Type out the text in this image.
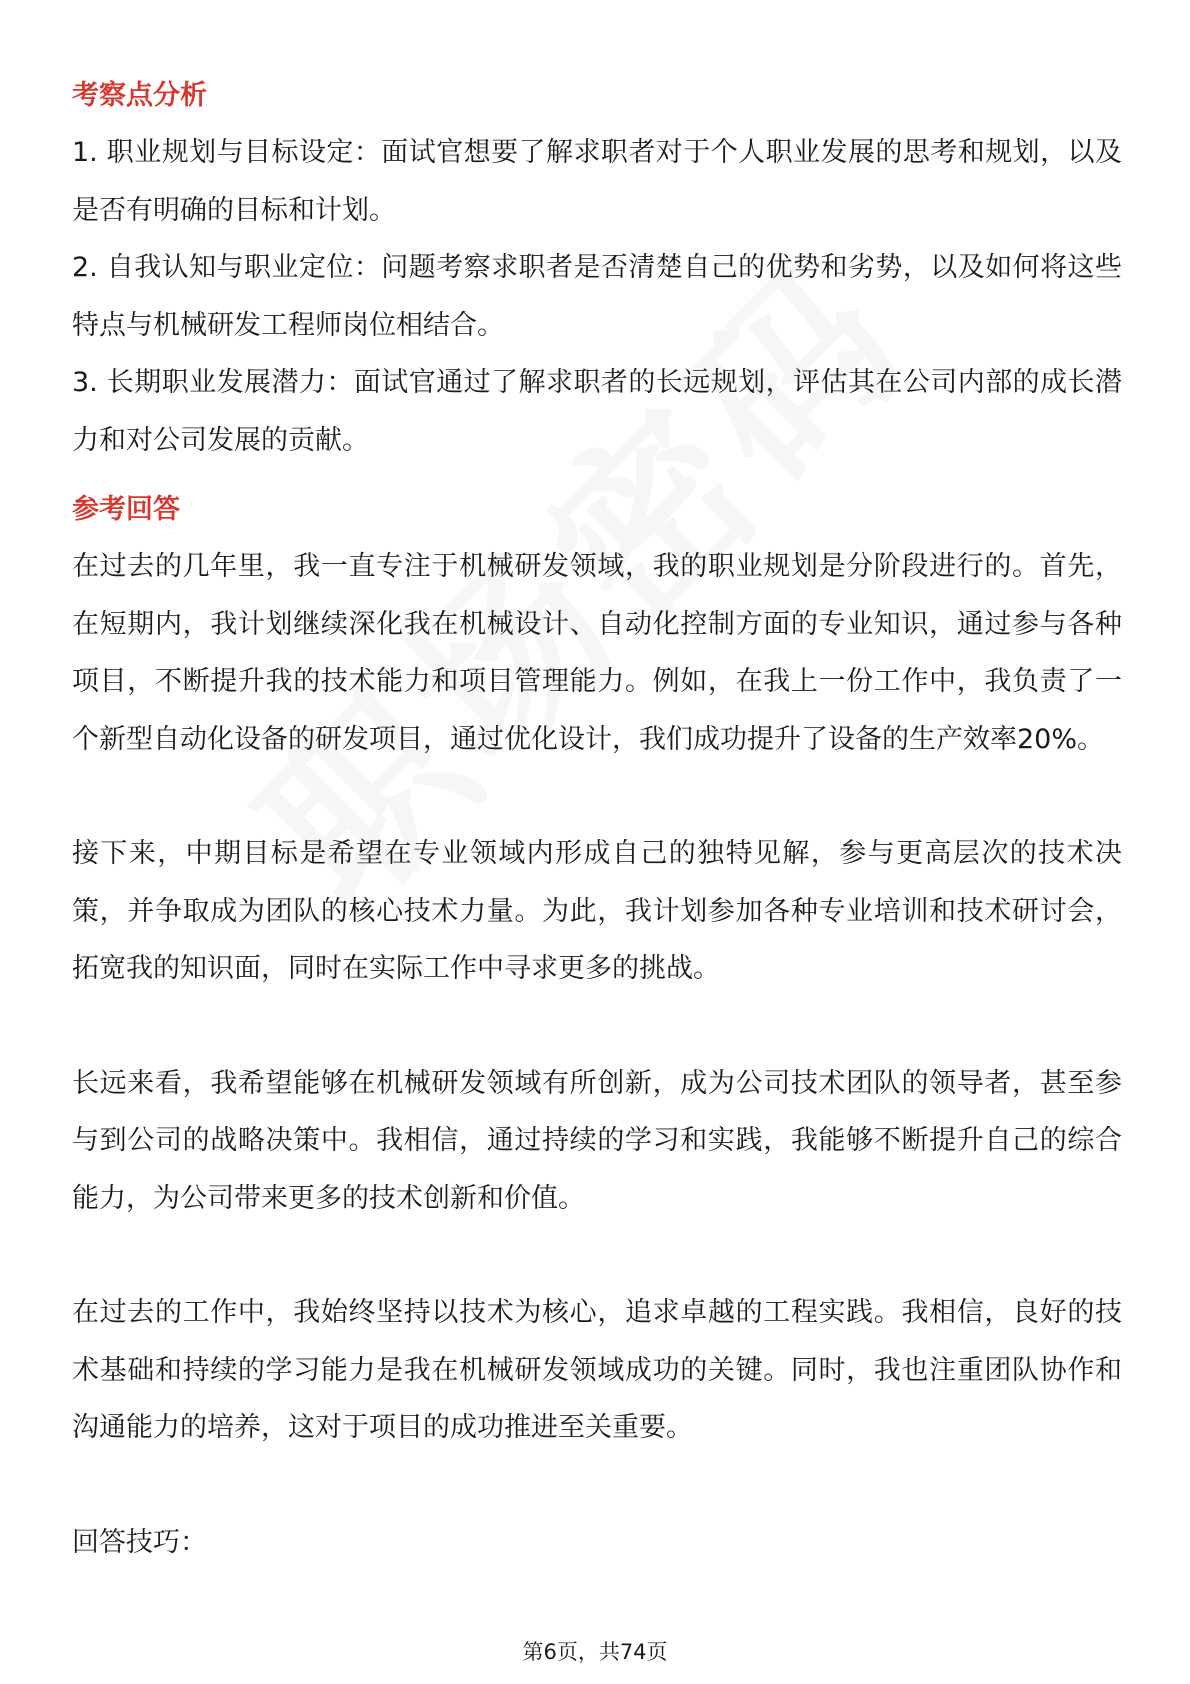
考察点分析

1. 职业规划与目标设定：面试官想要了解求职者对于个人职业发展的思考和规划，以及是否有明确的目标和计划。

2. 自我认知与职业定位：问题考察求职者是否清楚自己的优势和劣势，以及如何将这些特点与机械研发工程师岗位相结合。

3. 长期职业发展潜力：面试官通过了解求职者的长远规划，评估其在公司内部的成长潜力和对公司发展的贡献。

参考回答

在过去的几年里，我一直专注于机械研发领域，我的职业规划是分阶段进行的。首先，在短期内，我计划继续深化我在机械设计、自动化控制方面的专业知识，通过参与各种项目，不断提升我的技术能力和项目管理能力。例如，在我上一份工作中，我负责了一个新型自动化设备的研发项目，通过优化设计，我们成功提升了设备的生产效率20%。

接下来，中期目标是希望在专业领域内形成自己的独特见解，参与更高层次的技术决策，并争取成为团队的核心技术力量。为此，我计划参加各种专业培训和技术研讨会，拓宽我的知识面，同时在实际工作中寻求更多的挑战。

长远来看，我希望能够在机械研发领域有所创新，成为公司技术团队的领导者，甚至参与到公司的战略决策中。我相信，通过持续的学习和实践，我能够不断提升自己的综合能力，为公司带来更多的技术创新和价值。

在过去的工作中，我始终坚持以技术为核心，追求卓越的工程实践。我相信，良好的技术基础和持续的学习能力是我在机械研发领域成功的关键。同时，我也注重团队协作和沟通能力的培养，这对于项目的成功推进至关重要。

回答技巧：

第6页，共74页
